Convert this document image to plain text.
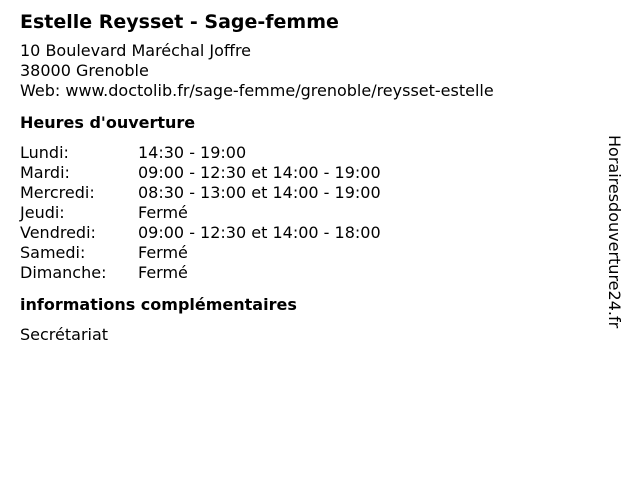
Estelle Reysset - Sage-femme
10 Boulevard Maréchal Joffre
38000 Grenoble
Web: www.doctolib.fr/sage-femme/grenoble/reysset-estelle
Heures d'ouverture
Lundi:	14:30 - 19:00
Mardi:	09:00 - 12:30 et 14:00 - 19:00
Mercredi:	08:30 - 13:00 et 14:00 - 19:00
Jeudi:	Fermé
Vendredi:	09:00 - 12:30 et 14:00 - 18:00
Samedi:	Fermé
Dimanche:	Fermé
informations complémentaires
Secrétariat
Horairesdouverture24.fr
